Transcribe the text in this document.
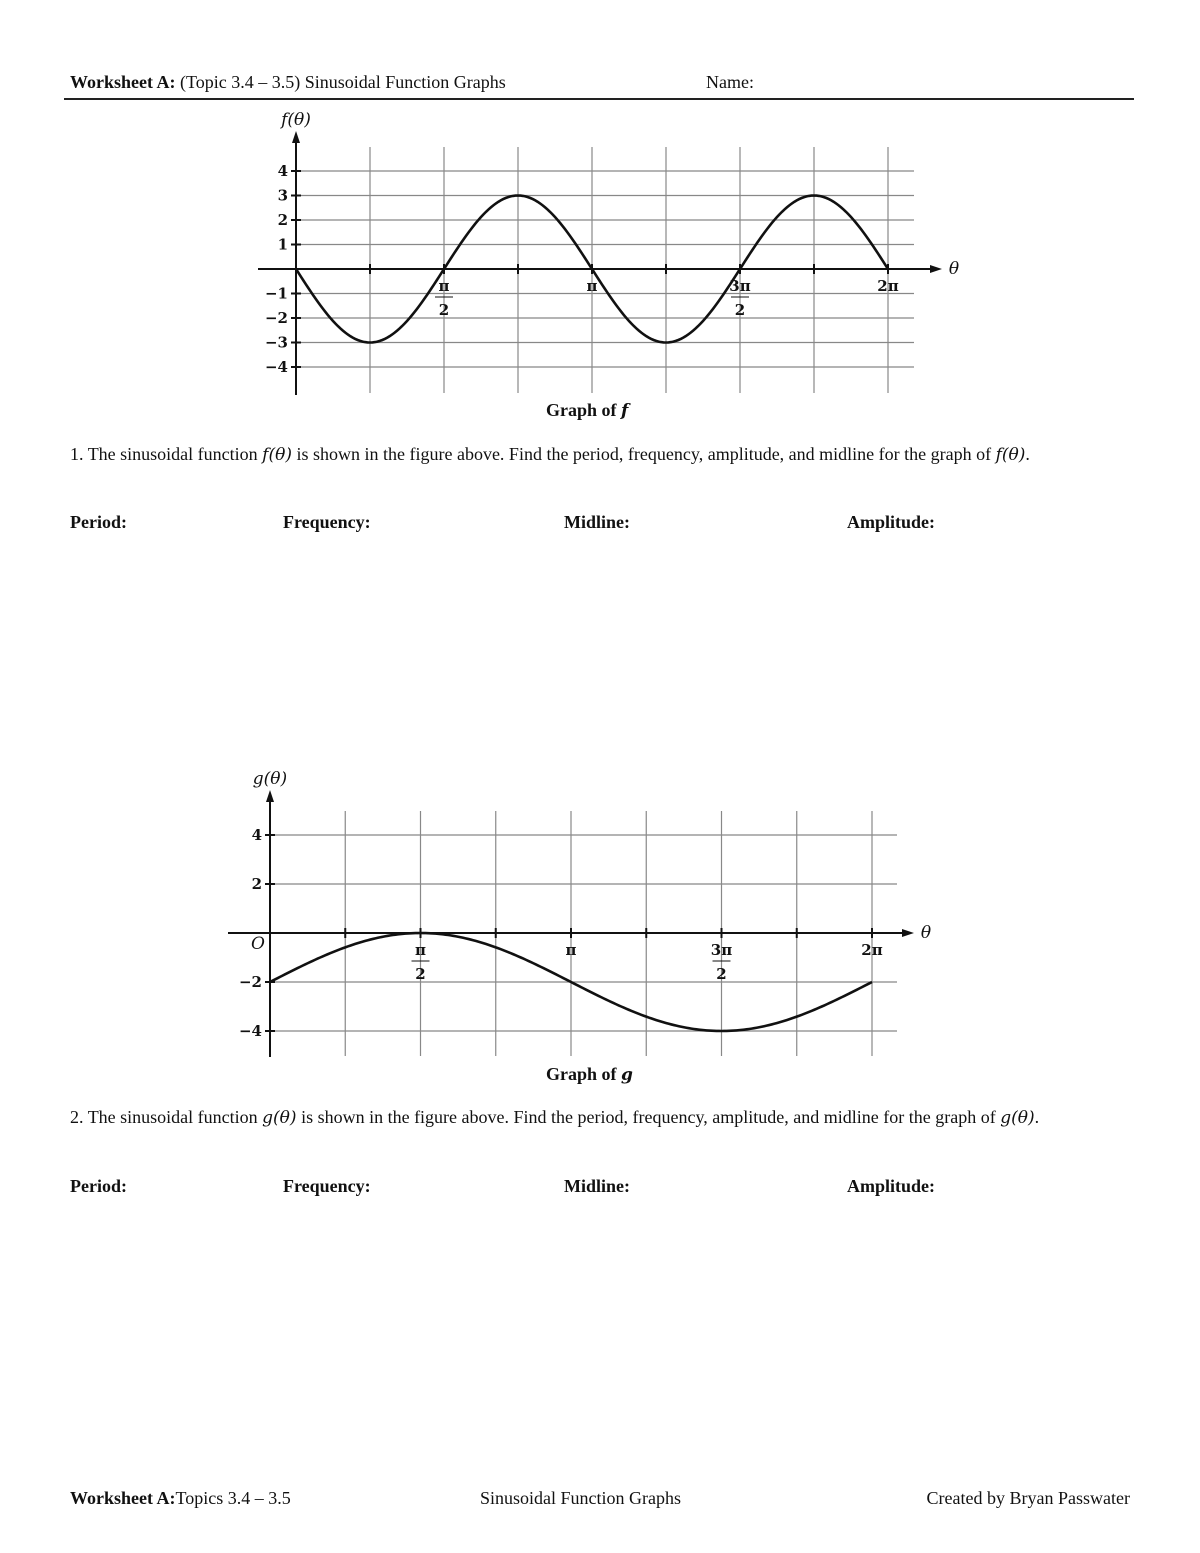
Worksheet A: (Topic 3.4 – 3.5) Sinusoidal Function Graphs	Name:
f(θ)
θ
π
2
π	3π
2
2π
4
3
2
1
−1
−2
−3
−4
Graph of f
1. The sinusoidal function f(θ) is shown in the figure above. Find the period, frequency, amplitude, and midline for the graph of f(θ).
Period:	Frequency:	Midline:	Amplitude:
g(θ)
θ
O	π
2
π	3π
2
2π
4
2
−2
−4
Graph of g
2. The sinusoidal function g(θ) is shown in the figure above. Find the period, frequency, amplitude, and midline for the graph of g(θ).
Period:	Frequency:	Midline:	Amplitude:
Worksheet A: Topics 3.4 – 3.5	Sinusoidal Function Graphs	Created by Bryan Passwater
